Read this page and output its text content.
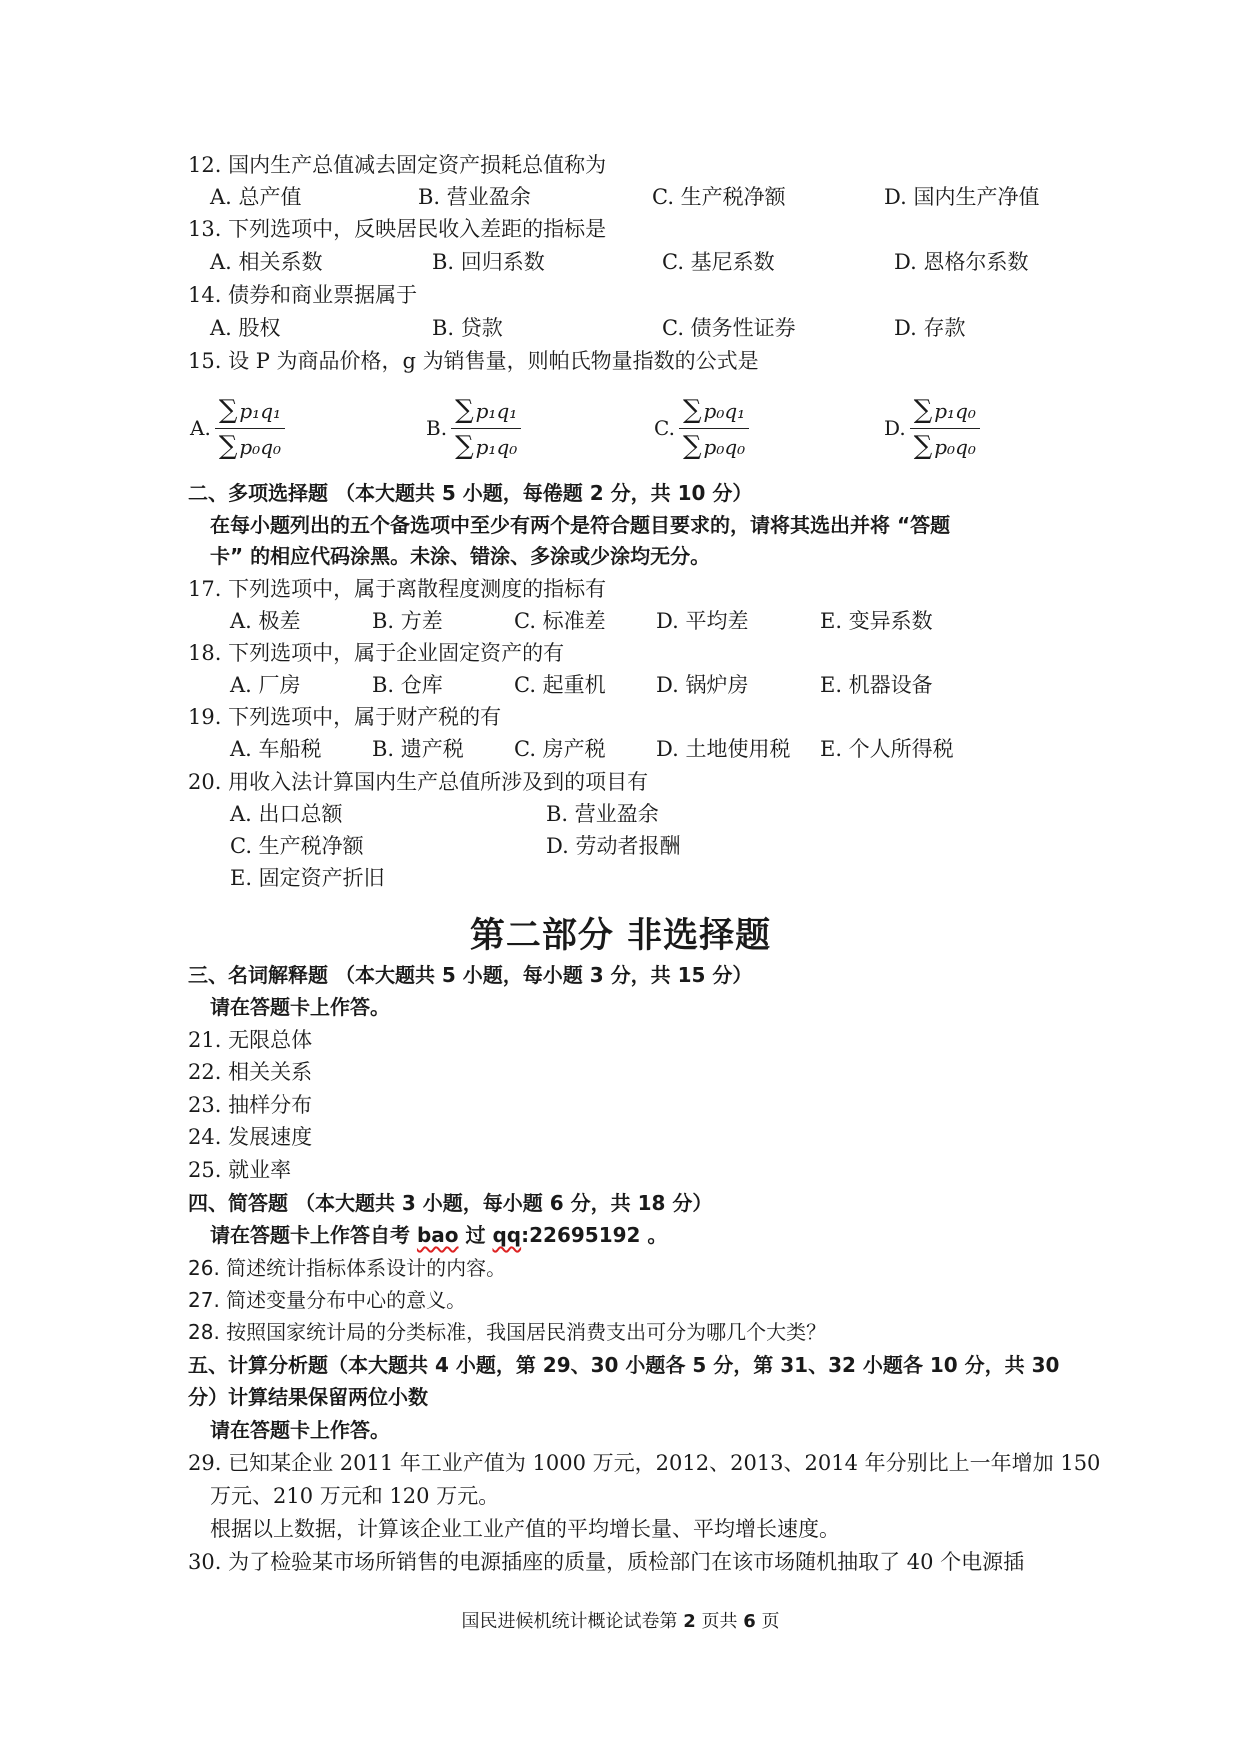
12. 国内生产总值减去固定资产损耗总值称为
A. 总产值	B. 营业盈余	C. 生产税净额	D. 国内生产净值
13. 下列选项中，反映居民收入差距的指标是
A. 相关系数	B. 回归系数	C. 基尼系数	D. 恩格尔系数
14. 债券和商业票据属于
A. 股权	B. 贷款	C. 债务性证券	D. 存款
15. 设 P 为商品价格，g 为销售量，则帕氏物量指数的公式是
A. $\frac{\text{∑ p₁q₁}}{\text{∑ p₀q₀}}$	B. $\frac{\text{∑ p₁q₁}}{\text{∑ p₁q₀}}$	C. $\frac{\text{∑ p₀q₁}}{\text{∑ p₀q₀}}$	D. $\frac{\text{∑ p₁q₀}}{\text{∑ p₀q₀}}$
二、多项选择题 （本大题共 5 小题，每倦题 2 分，共 10 分）
在每小题列出的五个备选项中至少有两个是符合题目要求的，请将其选出并将 “答题
卡” 的相应代码涂黑。未涂、错涂、多涂或少涂均无分。
17. 下列选项中，属于离散程度测度的指标有
A. 极差	B. 方差	C. 标准差 D. 平均差	E. 变异系数
18. 下列选项中，属于企业固定资产的有
A. 厂房	B. 仓库	C. 起重机 D. 锅炉房	E. 机器设备
19. 下列选项中，属于财产税的有
A. 车船税 B. 遗产税 C. 房产税 D. 土地使用税 E. 个人所得税
20. 用收入法计算国内生产总值所涉及到的项目有
A. 出口总额	B. 营业盈余
C. 生产税净额	D. 劳动者报酬
E. 固定资产折旧
第二部分 非选择题
三、名词解释题 （本大题共 5 小题，每小题 3 分，共 15 分）
请在答题卡上作答。
21. 无限总体
22. 相关关系
23. 抽样分布
24. 发展速度
25. 就业率
四、简答题 （本大题共 3 小题，每小题 6 分，共 18 分）
请在答题卡上作答自考 bao 过 qq:22695192 。
26. 简述统计指标体系设计的内容。
27. 简述变量分布中心的意义。
28. 按照国家统计局的分类标准，我国居民消费支出可分为哪几个大类？
五、计算分析题（本大题共 4 小题，第 29、30 小题各 5 分，第 31、32 小题各 10 分，共 30
分）计算结果保留两位小数
请在答题卡上作答。
29. 已知某企业 2011 年工业产值为 1000 万元，2012、2013、2014 年分别比上一年增加 150
万元、210 万元和 120 万元。
根据以上数据，计算该企业工业产值的平均增长量、平均增长速度。
30. 为了检验某市场所销售的电源插座的质量，质检部门在该市场随机抽取了 40 个电源插
国民进候机统计概论试卷第 2 页共 6 页
